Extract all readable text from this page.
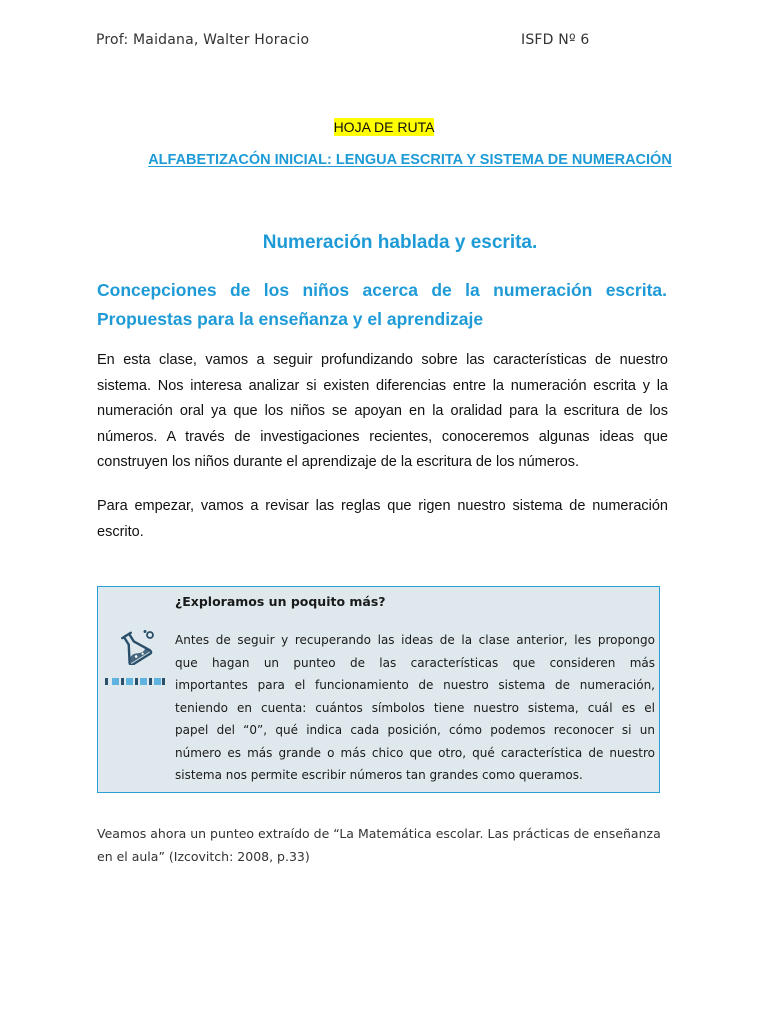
Prof: Maidana, Walter Horacio	ISFD Nº 6
HOJA DE RUTA
ALFABETIZACÓN INICIAL: LENGUA ESCRITA Y SISTEMA DE NUMERACIÓN
Numeración hablada y escrita.
Concepciones de los niños acerca de la numeración escrita.
Propuestas para la enseñanza y el aprendizaje
En esta clase, vamos a seguir profundizando sobre las características de nuestro
sistema. Nos interesa analizar si existen diferencias entre la numeración escrita y la
numeración oral ya que los niños se apoyan en la oralidad para la escritura de los
números. A través de investigaciones recientes, conoceremos algunas ideas que
construyen los niños durante el aprendizaje de la escritura de los números.
Para empezar, vamos a revisar las reglas que rigen nuestro sistema de numeración
escrito.
¿Exploramos un poquito más?
Antes de seguir y recuperando las ideas de la clase anterior, les propongo
que hagan un punteo de las características que consideren más
importantes para el funcionamiento de nuestro sistema de numeración,
teniendo en cuenta: cuántos símbolos tiene nuestro sistema, cuál es el
papel del “0”, qué indica cada posición, cómo podemos reconocer si un
número es más grande o más chico que otro, qué característica de nuestro
sistema nos permite escribir números tan grandes como queramos.
Veamos ahora un punteo extraído de “La Matemática escolar. Las prácticas de enseñanza
en el aula” (Izcovitch: 2008, p.33)
